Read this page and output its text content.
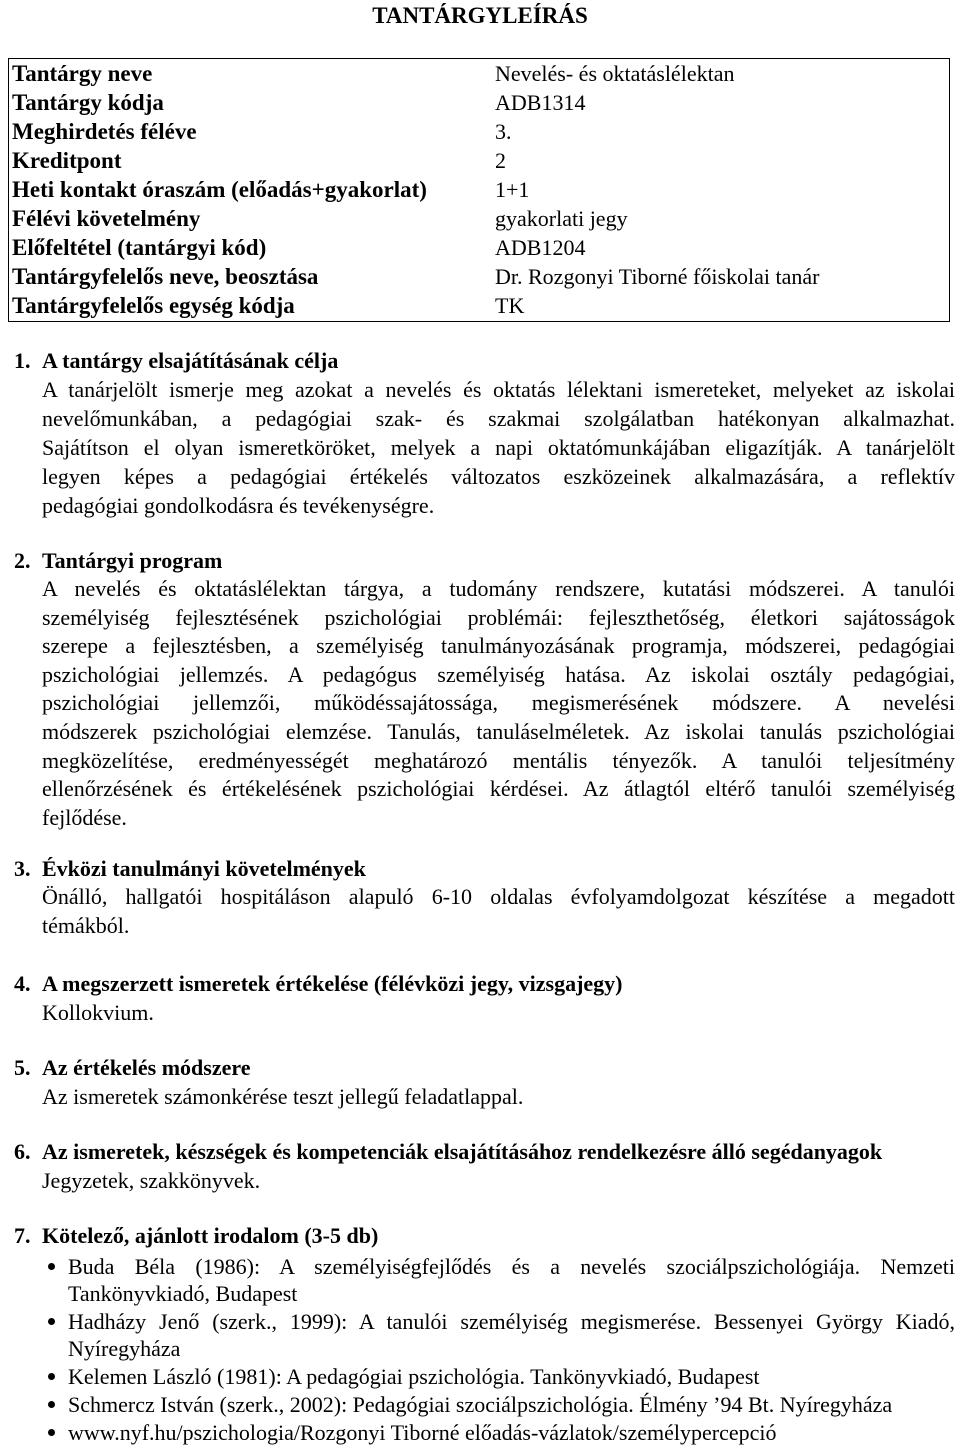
TANTÁRGYLEÍRÁS
Tantárgy neve	Nevelés- és oktatáslélektan
Tantárgy kódja	ADB1314
Meghirdetés féléve	3.
Kreditpont	2
Heti kontakt óraszám (előadás+gyakorlat)	1+1
Félévi követelmény	gyakorlati jegy
Előfeltétel (tantárgyi kód)	ADB1204
Tantárgyfelelős neve, beosztása	Dr. Rozgonyi Tiborné főiskolai tanár
Tantárgyfelelős egység kódja	TK
1. A tantárgy elsajátításának célja
A tanárjelölt ismerje meg azokat a nevelés és oktatás lélektani ismereteket, melyeket az iskolai
nevelőmunkában, a pedagógiai szak- és szakmai szolgálatban hatékonyan alkalmazhat.
Sajátítson el olyan ismeretköröket, melyek a napi oktatómunkájában eligazítják. A tanárjelölt
legyen képes a pedagógiai értékelés változatos eszközeinek alkalmazására, a reflektív
pedagógiai gondolkodásra és tevékenységre.
2. Tantárgyi program
A nevelés és oktatáslélektan tárgya, a tudomány rendszere, kutatási módszerei. A tanulói
személyiség fejlesztésének pszichológiai problémái: fejleszthetőség, életkori sajátosságok
szerepe a fejlesztésben, a személyiség tanulmányozásának programja, módszerei, pedagógiai
pszichológiai jellemzés. A pedagógus személyiség hatása. Az iskolai osztály pedagógiai,
pszichológiai jellemzői, működéssajátossága, megismerésének módszere. A nevelési
módszerek pszichológiai elemzése. Tanulás, tanuláselméletek. Az iskolai tanulás pszichológiai
megközelítése, eredményességét meghatározó mentális tényezők. A tanulói teljesítmény
ellenőrzésének és értékelésének pszichológiai kérdései. Az átlagtól eltérő tanulói személyiség
fejlődése.
3. Évközi tanulmányi követelmények
Önálló, hallgatói hospitáláson alapuló 6-10 oldalas évfolyamdolgozat készítése a megadott
témákból.
4. A megszerzett ismeretek értékelése (félévközi jegy, vizsgajegy)
Kollokvium.
5. Az értékelés módszere
Az ismeretek számonkérése teszt jellegű feladatlappal.
6. Az ismeretek, készségek és kompetenciák elsajátításához rendelkezésre álló segédanyagok
Jegyzetek, szakkönyvek.
7. Kötelező, ajánlott irodalom (3-5 db)
Buda Béla (1986): A személyiségfejlődés és a nevelés szociálpszichológiája. Nemzeti
Tankönyvkiadó, Budapest
Hadházy Jenő (szerk., 1999): A tanulói személyiség megismerése. Bessenyei György Kiadó,
Nyíregyháza
Kelemen László (1981): A pedagógiai pszichológia. Tankönyvkiadó, Budapest
Schmercz István (szerk., 2002): Pedagógiai szociálpszichológia. Élmény ’94 Bt. Nyíregyháza
www.nyf.hu/pszichologia/Rozgonyi Tiborné előadás-vázlatok/személypercepció
